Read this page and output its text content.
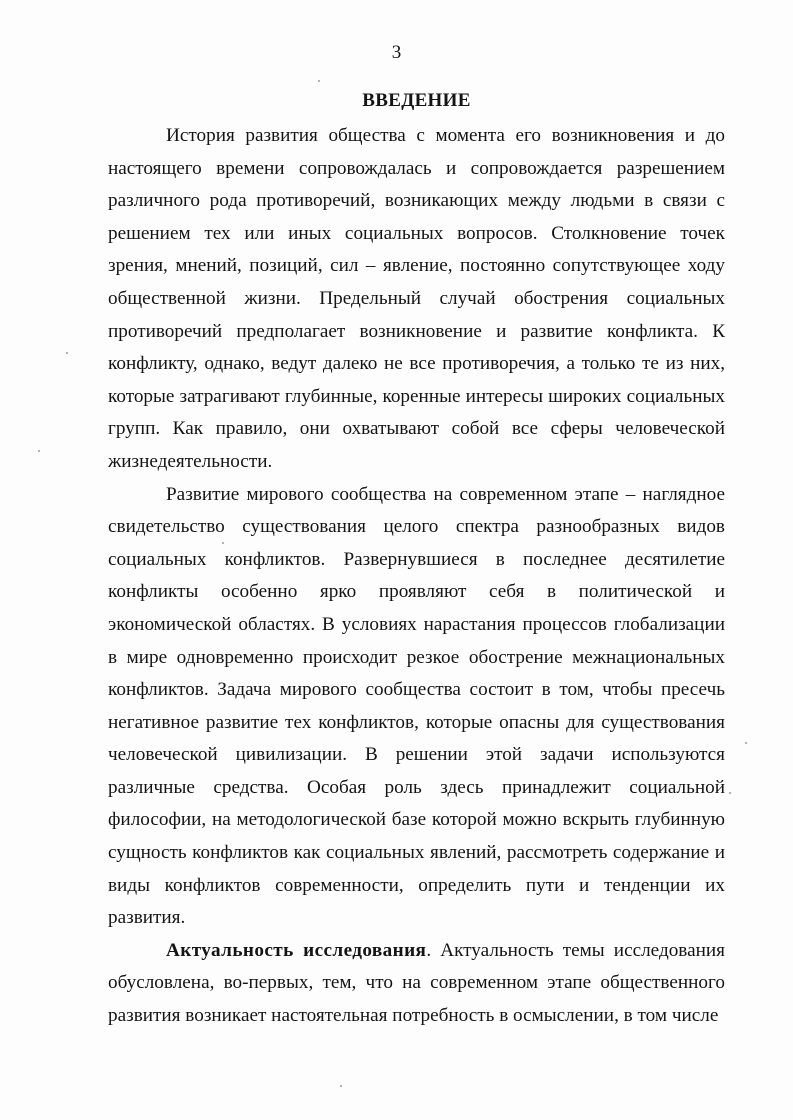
3
ВВЕДЕНИЕ

История развития общества с момента его возникновения и до настоящего времени сопровождалась и сопровождается разрешением различного рода противоречий, возникающих между людьми в связи с решением тех или иных социальных вопросов. Столкновение точек зрения, мнений, позиций, сил – явление, постоянно сопутствующее ходу общественной жизни. Предельный случай обострения социальных противоречий предполагает возникновение и развитие конфликта. К конфликту, однако, ведут далеко не все противоречия, а только те из них, которые затрагивают глубинные, коренные интересы широких социальных групп. Как правило, они охватывают собой все сферы человеческой жизнедеятельности.

Развитие мирового сообщества на современном этапе – наглядное свидетельство существования целого спектра разнообразных видов социальных конфликтов. Развернувшиеся в последнее десятилетие конфликты особенно ярко проявляют себя в политической и экономической областях. В условиях нарастания процессов глобализации в мире одновременно происходит резкое обострение межнациональных конфликтов. Задача мирового сообщества состоит в том, чтобы пресечь негативное развитие тех конфликтов, которые опасны для существования человеческой цивилизации. В решении этой задачи используются различные средства. Особая роль здесь принадлежит социальной философии, на методологической базе которой можно вскрыть глубинную сущность конфликтов как социальных явлений, рассмотреть содержание и виды конфликтов современности, определить пути и тенденции их развития.

Актуальность исследования. Актуальность темы исследования обусловлена, во-первых, тем, что на современном этапе общественного развития возникает настоятельная потребность в осмыслении, в том числе
